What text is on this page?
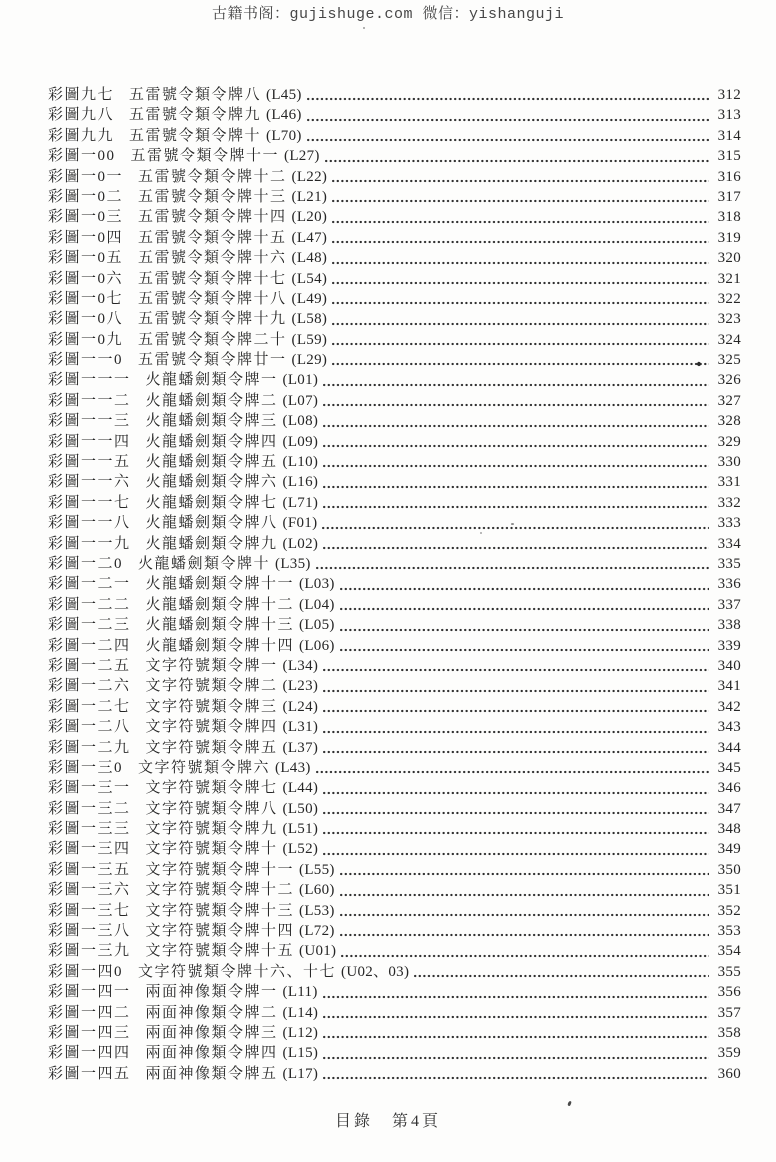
古籍书阁：gujishuge.com 微信：yishanguji
彩圖九七 五雷號令類令牌八 (L45)	312
彩圖九八 五雷號令類令牌九 (L46)	313
彩圖九九 五雷號令類令牌十 (L70)	314
彩圖一00 五雷號令類令牌十一 (L27)	315
彩圖一0一 五雷號令類令牌十二 (L22)	316
彩圖一0二 五雷號令類令牌十三 (L21)	317
彩圖一0三 五雷號令類令牌十四 (L20)	318
彩圖一0四 五雷號令類令牌十五 (L47)	319
彩圖一0五 五雷號令類令牌十六 (L48)	320
彩圖一0六 五雷號令類令牌十七 (L54)	321
彩圖一0七 五雷號令類令牌十八 (L49)	322
彩圖一0八 五雷號令類令牌十九 (L58)	323
彩圖一0九 五雷號令類令牌二十 (L59)	324
彩圖一一0 五雷號令類令牌廿一 (L29)	325
彩圖一一一 火龍蟠劍類令牌一 (L01)	326
彩圖一一二 火龍蟠劍類令牌二 (L07)	327
彩圖一一三 火龍蟠劍類令牌三 (L08)	328
彩圖一一四 火龍蟠劍類令牌四 (L09)	329
彩圖一一五 火龍蟠劍類令牌五 (L10)	330
彩圖一一六 火龍蟠劍類令牌六 (L16)	331
彩圖一一七 火龍蟠劍類令牌七 (L71)	332
彩圖一一八 火龍蟠劍類令牌八 (F01)	333
彩圖一一九 火龍蟠劍類令牌九 (L02)	334
彩圖一二0 火龍蟠劍類令牌十 (L35)	335
彩圖一二一 火龍蟠劍類令牌十一 (L03)	336
彩圖一二二 火龍蟠劍類令牌十二 (L04)	337
彩圖一二三 火龍蟠劍類令牌十三 (L05)	338
彩圖一二四 火龍蟠劍類令牌十四 (L06)	339
彩圖一二五 文字符號類令牌一 (L34)	340
彩圖一二六 文字符號類令牌二 (L23)	341
彩圖一二七 文字符號類令牌三 (L24)	342
彩圖一二八 文字符號類令牌四 (L31)	343
彩圖一二九 文字符號類令牌五 (L37)	344
彩圖一三0 文字符號類令牌六 (L43)	345
彩圖一三一 文字符號類令牌七 (L44)	346
彩圖一三二 文字符號類令牌八 (L50)	347
彩圖一三三 文字符號類令牌九 (L51)	348
彩圖一三四 文字符號類令牌十 (L52)	349
彩圖一三五 文字符號類令牌十一 (L55)	350
彩圖一三六 文字符號類令牌十二 (L60)	351
彩圖一三七 文字符號類令牌十三 (L53)	352
彩圖一三八 文字符號類令牌十四 (L72)	353
彩圖一三九 文字符號類令牌十五 (U01)	354
彩圖一四0 文字符號類令牌十六、十七 (U02、03)	355
彩圖一四一 兩面神像類令牌一 (L11)	356
彩圖一四二 兩面神像類令牌二 (L14)	357
彩圖一四三 兩面神像類令牌三 (L12)	358
彩圖一四四 兩面神像類令牌四 (L15)	359
彩圖一四五 兩面神像類令牌五 (L17)	360
目錄　第4頁
